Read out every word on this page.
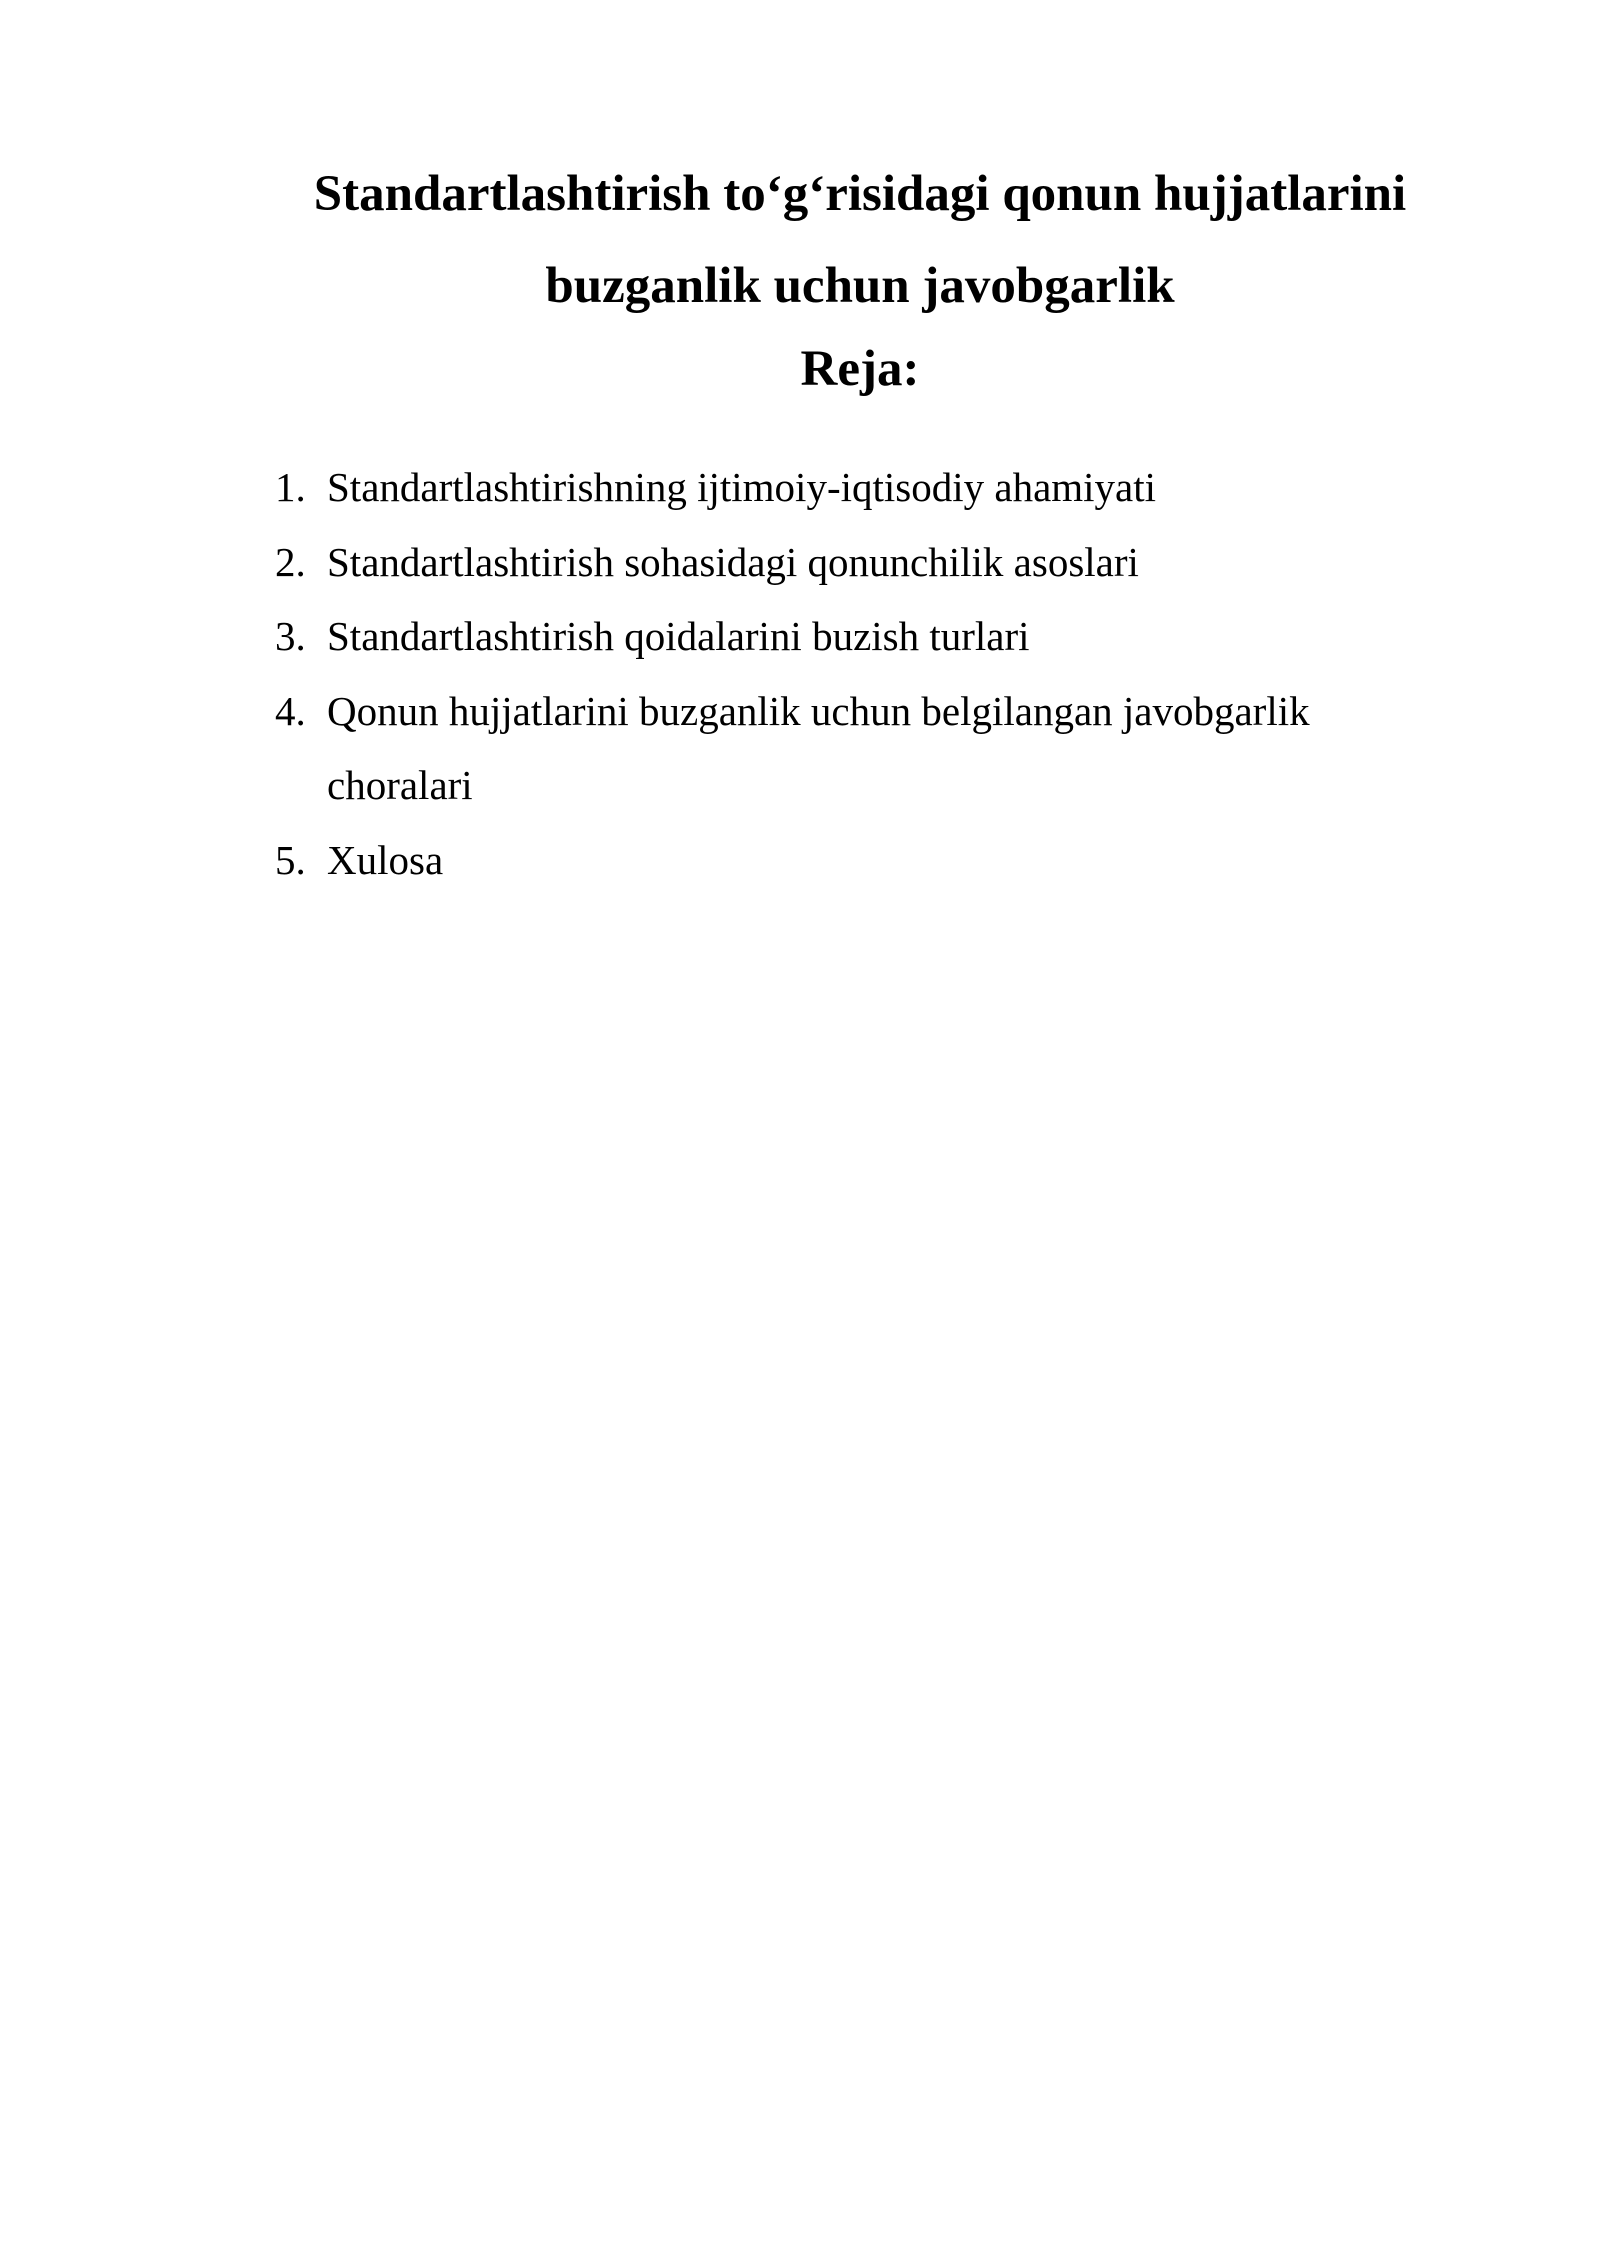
Standartlashtirish to‘g‘risidagi qonun hujjatlarini
buzganlik uchun javobgarlik
Reja:
1. Standartlashtirishning ijtimoiy-iqtisodiy ahamiyati
2. Standartlashtirish sohasidagi qonunchilik asoslari
3. Standartlashtirish qoidalarini buzish turlari
4. Qonun hujjatlarini buzganlik uchun belgilangan javobgarlik choralari
5. Xulosa
